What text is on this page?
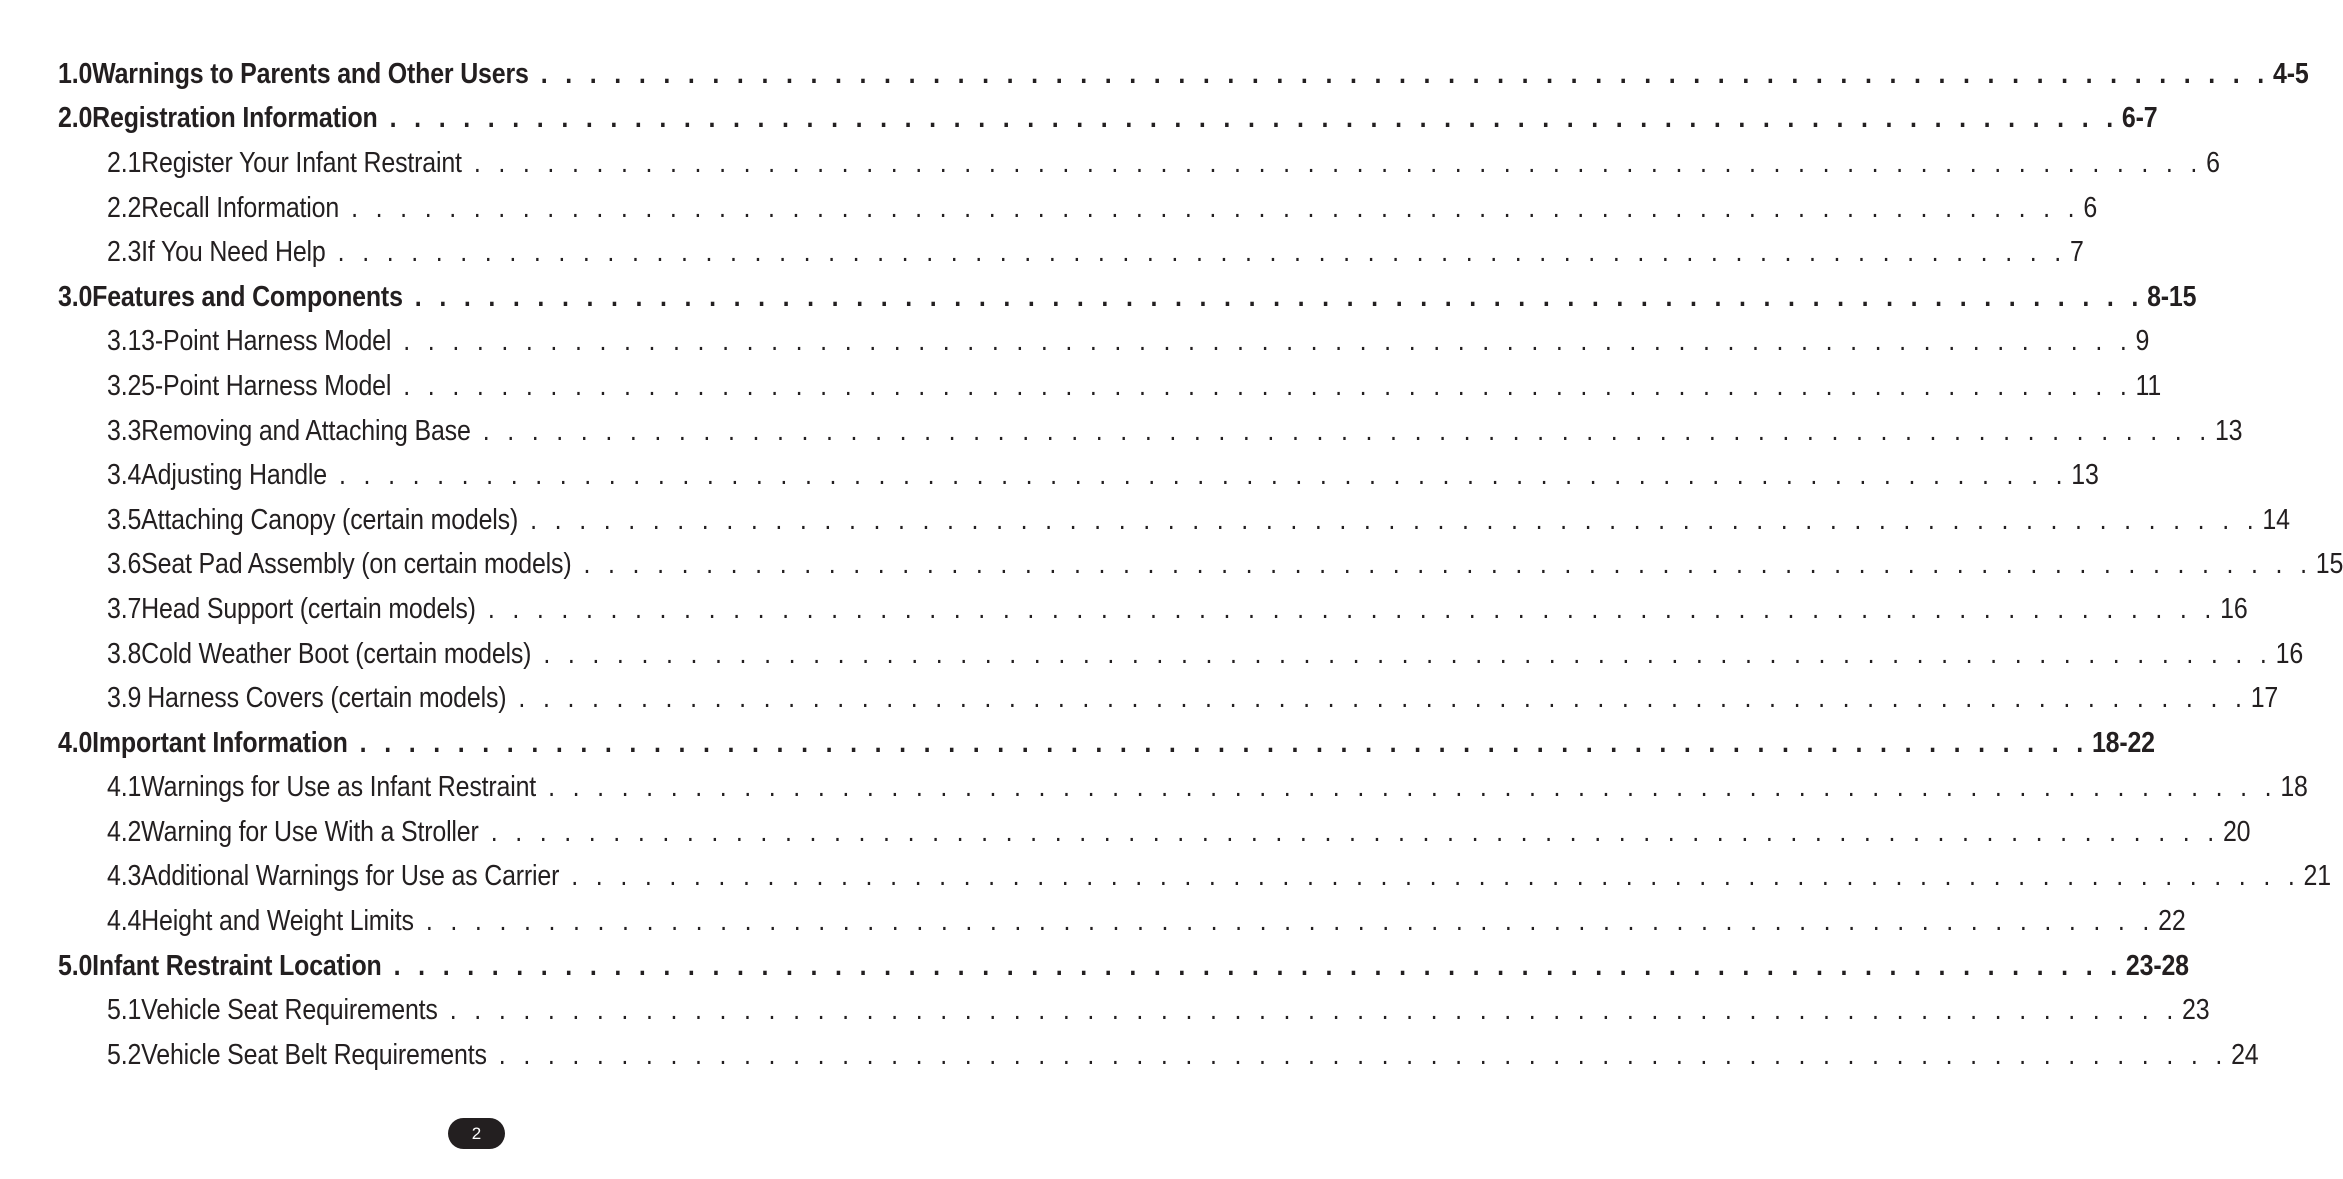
1.0 Warnings to Parents and Other Users . . . . . . . . . . . . . . . . . . . . . . . . . . . . . . . . . . . . . . . . . . . . . . . . . . . . . . . . . . . . . . . . . . . . . . . 4-5
2.0 Registration Information . . . . . . . . . . . . . . . . . . . . . . . . . . . . . . . . . . . . . . . . . . . . . . . . . . . . . . . . . . . . . . . . . . . . . . . 6-7
2.1 Register Your Infant Restraint . . . . . . . . . . . . . . . . . . . . . . . . . . . . . . . . . . . . . . . . . . . . . . . . . . . . . . . . . . . . . . . . . . . . . . . 6
2.2 Recall Information . . . . . . . . . . . . . . . . . . . . . . . . . . . . . . . . . . . . . . . . . . . . . . . . . . . . . . . . . . . . . . . . . . . . . . . 6
2.3 If You Need Help . . . . . . . . . . . . . . . . . . . . . . . . . . . . . . . . . . . . . . . . . . . . . . . . . . . . . . . . . . . . . . . . . . . . . . . 7
3.0 Features and Components . . . . . . . . . . . . . . . . . . . . . . . . . . . . . . . . . . . . . . . . . . . . . . . . . . . . . . . . . . . . . . . . . . . . . . . 8-15
3.1 3-Point Harness Model . . . . . . . . . . . . . . . . . . . . . . . . . . . . . . . . . . . . . . . . . . . . . . . . . . . . . . . . . . . . . . . . . . . . . . . 9
3.2 5-Point Harness Model . . . . . . . . . . . . . . . . . . . . . . . . . . . . . . . . . . . . . . . . . . . . . . . . . . . . . . . . . . . . . . . . . . . . . . . 11
3.3 Removing and Attaching Base . . . . . . . . . . . . . . . . . . . . . . . . . . . . . . . . . . . . . . . . . . . . . . . . . . . . . . . . . . . . . . . . . . . . . . . 13
3.4 Adjusting Handle . . . . . . . . . . . . . . . . . . . . . . . . . . . . . . . . . . . . . . . . . . . . . . . . . . . . . . . . . . . . . . . . . . . . . . . 13
3.5 Attaching Canopy (certain models) . . . . . . . . . . . . . . . . . . . . . . . . . . . . . . . . . . . . . . . . . . . . . . . . . . . . . . . . . . . . . . . . . . . . . . . 14
3.6 Seat Pad Assembly (on certain models) . . . . . . . . . . . . . . . . . . . . . . . . . . . . . . . . . . . . . . . . . . . . . . . . . . . . . . . . . . . . . . . . . . . . . . . 15
3.7 Head Support (certain models) . . . . . . . . . . . . . . . . . . . . . . . . . . . . . . . . . . . . . . . . . . . . . . . . . . . . . . . . . . . . . . . . . . . . . . . 16
3.8 Cold Weather Boot (certain models) . . . . . . . . . . . . . . . . . . . . . . . . . . . . . . . . . . . . . . . . . . . . . . . . . . . . . . . . . . . . . . . . . . . . . . . 16
3.9 Harness Covers (certain models) . . . . . . . . . . . . . . . . . . . . . . . . . . . . . . . . . . . . . . . . . . . . . . . . . . . . . . . . . . . . . . . . . . . . . . . 17
4.0 Important Information . . . . . . . . . . . . . . . . . . . . . . . . . . . . . . . . . . . . . . . . . . . . . . . . . . . . . . . . . . . . . . . . . . . . . . . 18-22
4.1 Warnings for Use as Infant Restraint . . . . . . . . . . . . . . . . . . . . . . . . . . . . . . . . . . . . . . . . . . . . . . . . . . . . . . . . . . . . . . . . . . . . . . . 18
4.2 Warning for Use With a Stroller . . . . . . . . . . . . . . . . . . . . . . . . . . . . . . . . . . . . . . . . . . . . . . . . . . . . . . . . . . . . . . . . . . . . . . . 20
4.3 Additional Warnings for Use as Carrier . . . . . . . . . . . . . . . . . . . . . . . . . . . . . . . . . . . . . . . . . . . . . . . . . . . . . . . . . . . . . . . . . . . . . . . 21
4.4 Height and Weight Limits . . . . . . . . . . . . . . . . . . . . . . . . . . . . . . . . . . . . . . . . . . . . . . . . . . . . . . . . . . . . . . . . . . . . . . . 22
5.0 Infant Restraint Location . . . . . . . . . . . . . . . . . . . . . . . . . . . . . . . . . . . . . . . . . . . . . . . . . . . . . . . . . . . . . . . . . . . . . . . 23-28
5.1 Vehicle Seat Requirements . . . . . . . . . . . . . . . . . . . . . . . . . . . . . . . . . . . . . . . . . . . . . . . . . . . . . . . . . . . . . . . . . . . . . . . 23
5.2 Vehicle Seat Belt Requirements . . . . . . . . . . . . . . . . . . . . . . . . . . . . . . . . . . . . . . . . . . . . . . . . . . . . . . . . . . . . . . . . . . . . . . . 24
2
